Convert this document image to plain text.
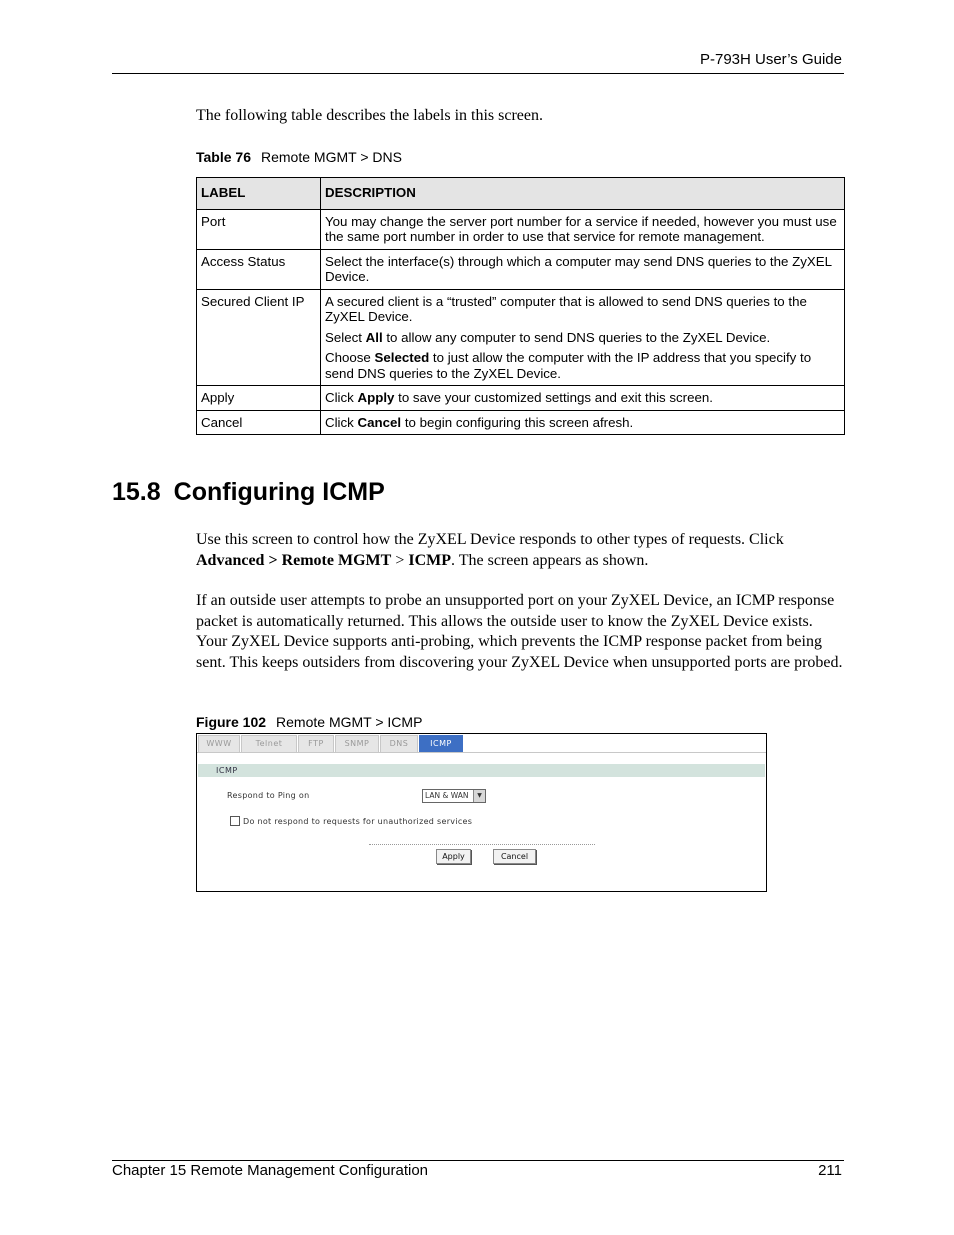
P-793H User’s Guide
The following table describes the labels in this screen.
Table 76 Remote MGMT > DNS
LABEL	DESCRIPTION
Port	You may change the server port number for a service if needed, however you must use the same port number in order to use that service for remote management.

Access Status	Select the interface(s) through which a computer may send DNS queries to the ZyXEL Device.

Secured Client IP	A secured client is a “trusted” computer that is allowed to send DNS queries to the ZyXEL Device.

Select All to allow any computer to send DNS queries to the ZyXEL Device.

Choose Selected to just allow the computer with the IP address that you specify to send DNS queries to the ZyXEL Device.

Apply	Click Apply to save your customized settings and exit this screen.

Cancel	Click Cancel to begin configuring this screen afresh.

15.8 Configuring ICMP
Use this screen to control how the ZyXEL Device responds to other types of requests. Click Advanced > Remote MGMT > ICMP. The screen appears as shown.
If an outside user attempts to probe an unsupported port on your ZyXEL Device, an ICMP response packet is automatically returned. This allows the outside user to know the ZyXEL Device exists. Your ZyXEL Device supports anti-probing, which prevents the ICMP response packet from being sent. This keeps outsiders from discovering your ZyXEL Device when unsupported ports are probed.
Figure 102 Remote MGMT > ICMP
WWW	Telnet	FTP	SNMP	DNS	ICMP
ICMP
Respond to Ping on	LAN & WAN	▼
Do not respond to requests for unauthorized services
Apply	Cancel
Chapter 15 Remote Management Configuration	211
